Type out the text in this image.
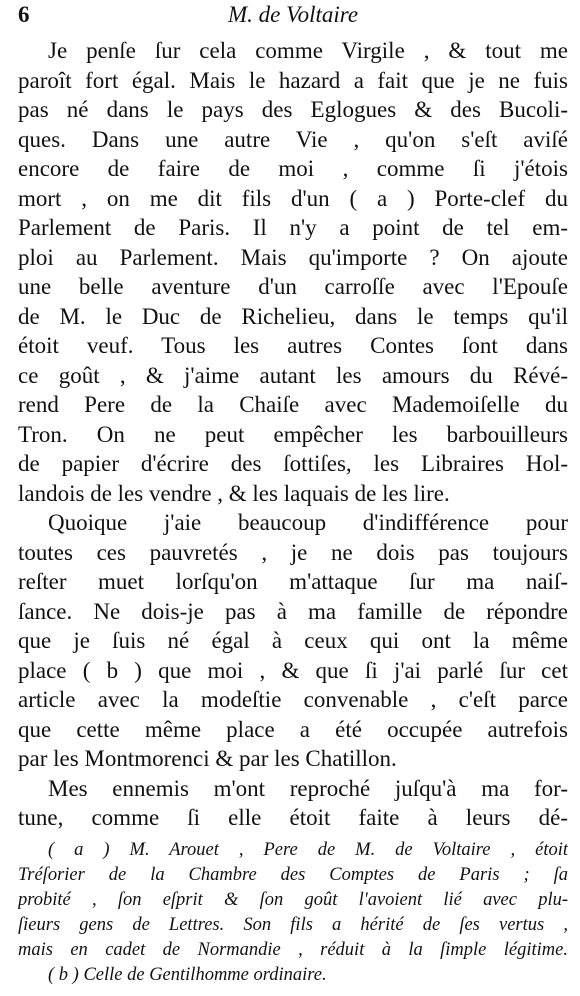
6	M. de Voltaire
Je penſe ſur cela comme Virgile , & tout me
paroît fort égal. Mais le hazard a fait que je ne fuis
pas né dans le pays des Eglogues & des Bucoli-
ques. Dans une autre Vie , qu'on s'eſt aviſé
encore de faire de moi , comme ſi j'étois
mort , on me dit fils d'un ( a ) Porte-clef du
Parlement de Paris. Il n'y a point de tel em-
ploi au Parlement. Mais qu'importe ? On ajoute
une belle aventure d'un carroſſe avec l'Epouſe
de M. le Duc de Richelieu, dans le temps qu'il
étoit veuf. Tous les autres Contes ſont dans
ce goût , & j'aime autant les amours du Révé-
rend Pere de la Chaiſe avec Mademoiſelle du
Tron. On ne peut empêcher les barbouilleurs
de papier d'écrire des ſottiſes, les Libraires Hol-
landois de les vendre , & les laquais de les lire.
Quoique j'aie beaucoup d'indifférence pour
toutes ces pauvretés , je ne dois pas toujours
reſter muet lorſqu'on m'attaque ſur ma naiſ-
ſance. Ne dois-je pas à ma famille de répondre
que je ſuis né égal à ceux qui ont la même
place ( b ) que moi , & que ſi j'ai parlé ſur cet
article avec la modeſtie convenable , c'eſt parce
que cette même place a été occupée autrefois
par les Montmorenci & par les Chatillon.
Mes ennemis m'ont reproché juſqu'à ma for-
tune, comme ſi elle étoit faite à leurs dé-
( a ) M. Arouet , Pere de M. de Voltaire , étoit
Tréſorier de la Chambre des Comptes de Paris ; ſa
probité , ſon eſprit & ſon goût l'avoient lié avec plu-
ſieurs gens de Lettres. Son fils a hérité de ſes vertus ,
mais en cadet de Normandie , réduit à la ſimple légitime.
( b ) Celle de Gentilhomme ordinaire.
